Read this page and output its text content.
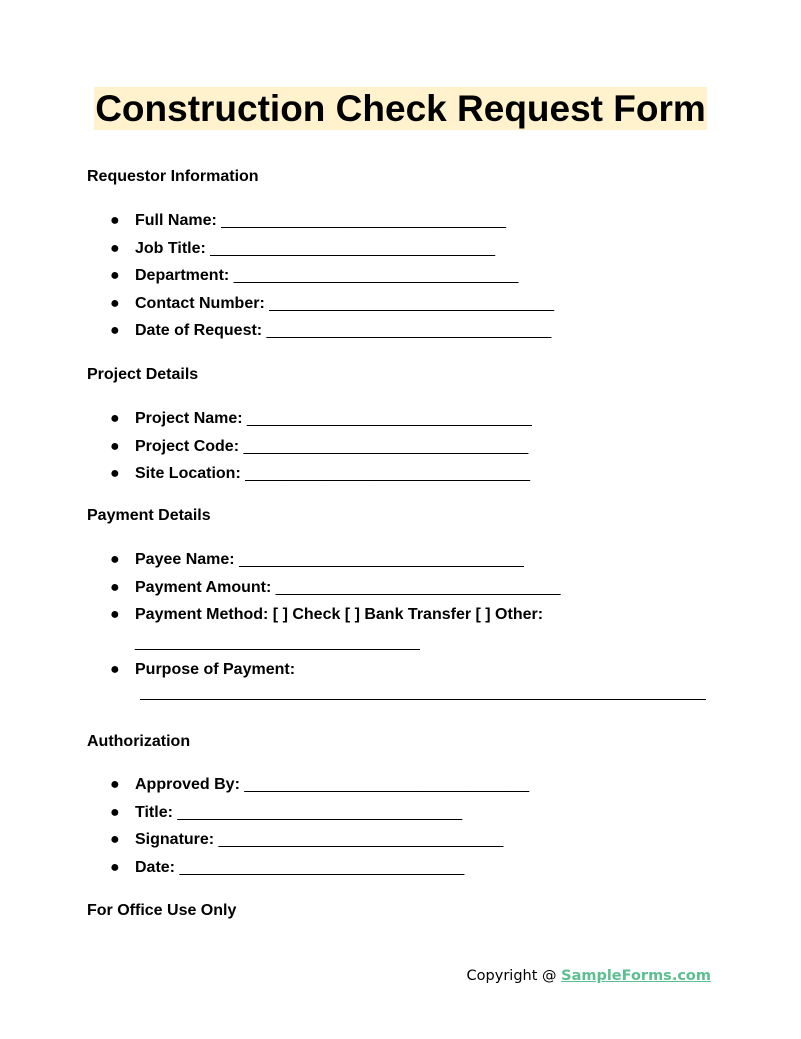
Construction Check Request Form
Requestor Information
● Full Name: ________________________________
● Job Title: ________________________________
● Department: ________________________________
● Contact Number: ________________________________
● Date of Request: ________________________________
Project Details
● Project Name: ________________________________
● Project Code: ________________________________
● Site Location: ________________________________
Payment Details
● Payee Name: ________________________________
● Payment Amount: ________________________________
● Payment Method: [ ] Check [ ] Bank Transfer [ ] Other:
________________________________
● Purpose of Payment:
Authorization
● Approved By: ________________________________
● Title: ________________________________
● Signature: ________________________________
● Date: ________________________________
For Office Use Only
Copyright @ SampleForms.com
